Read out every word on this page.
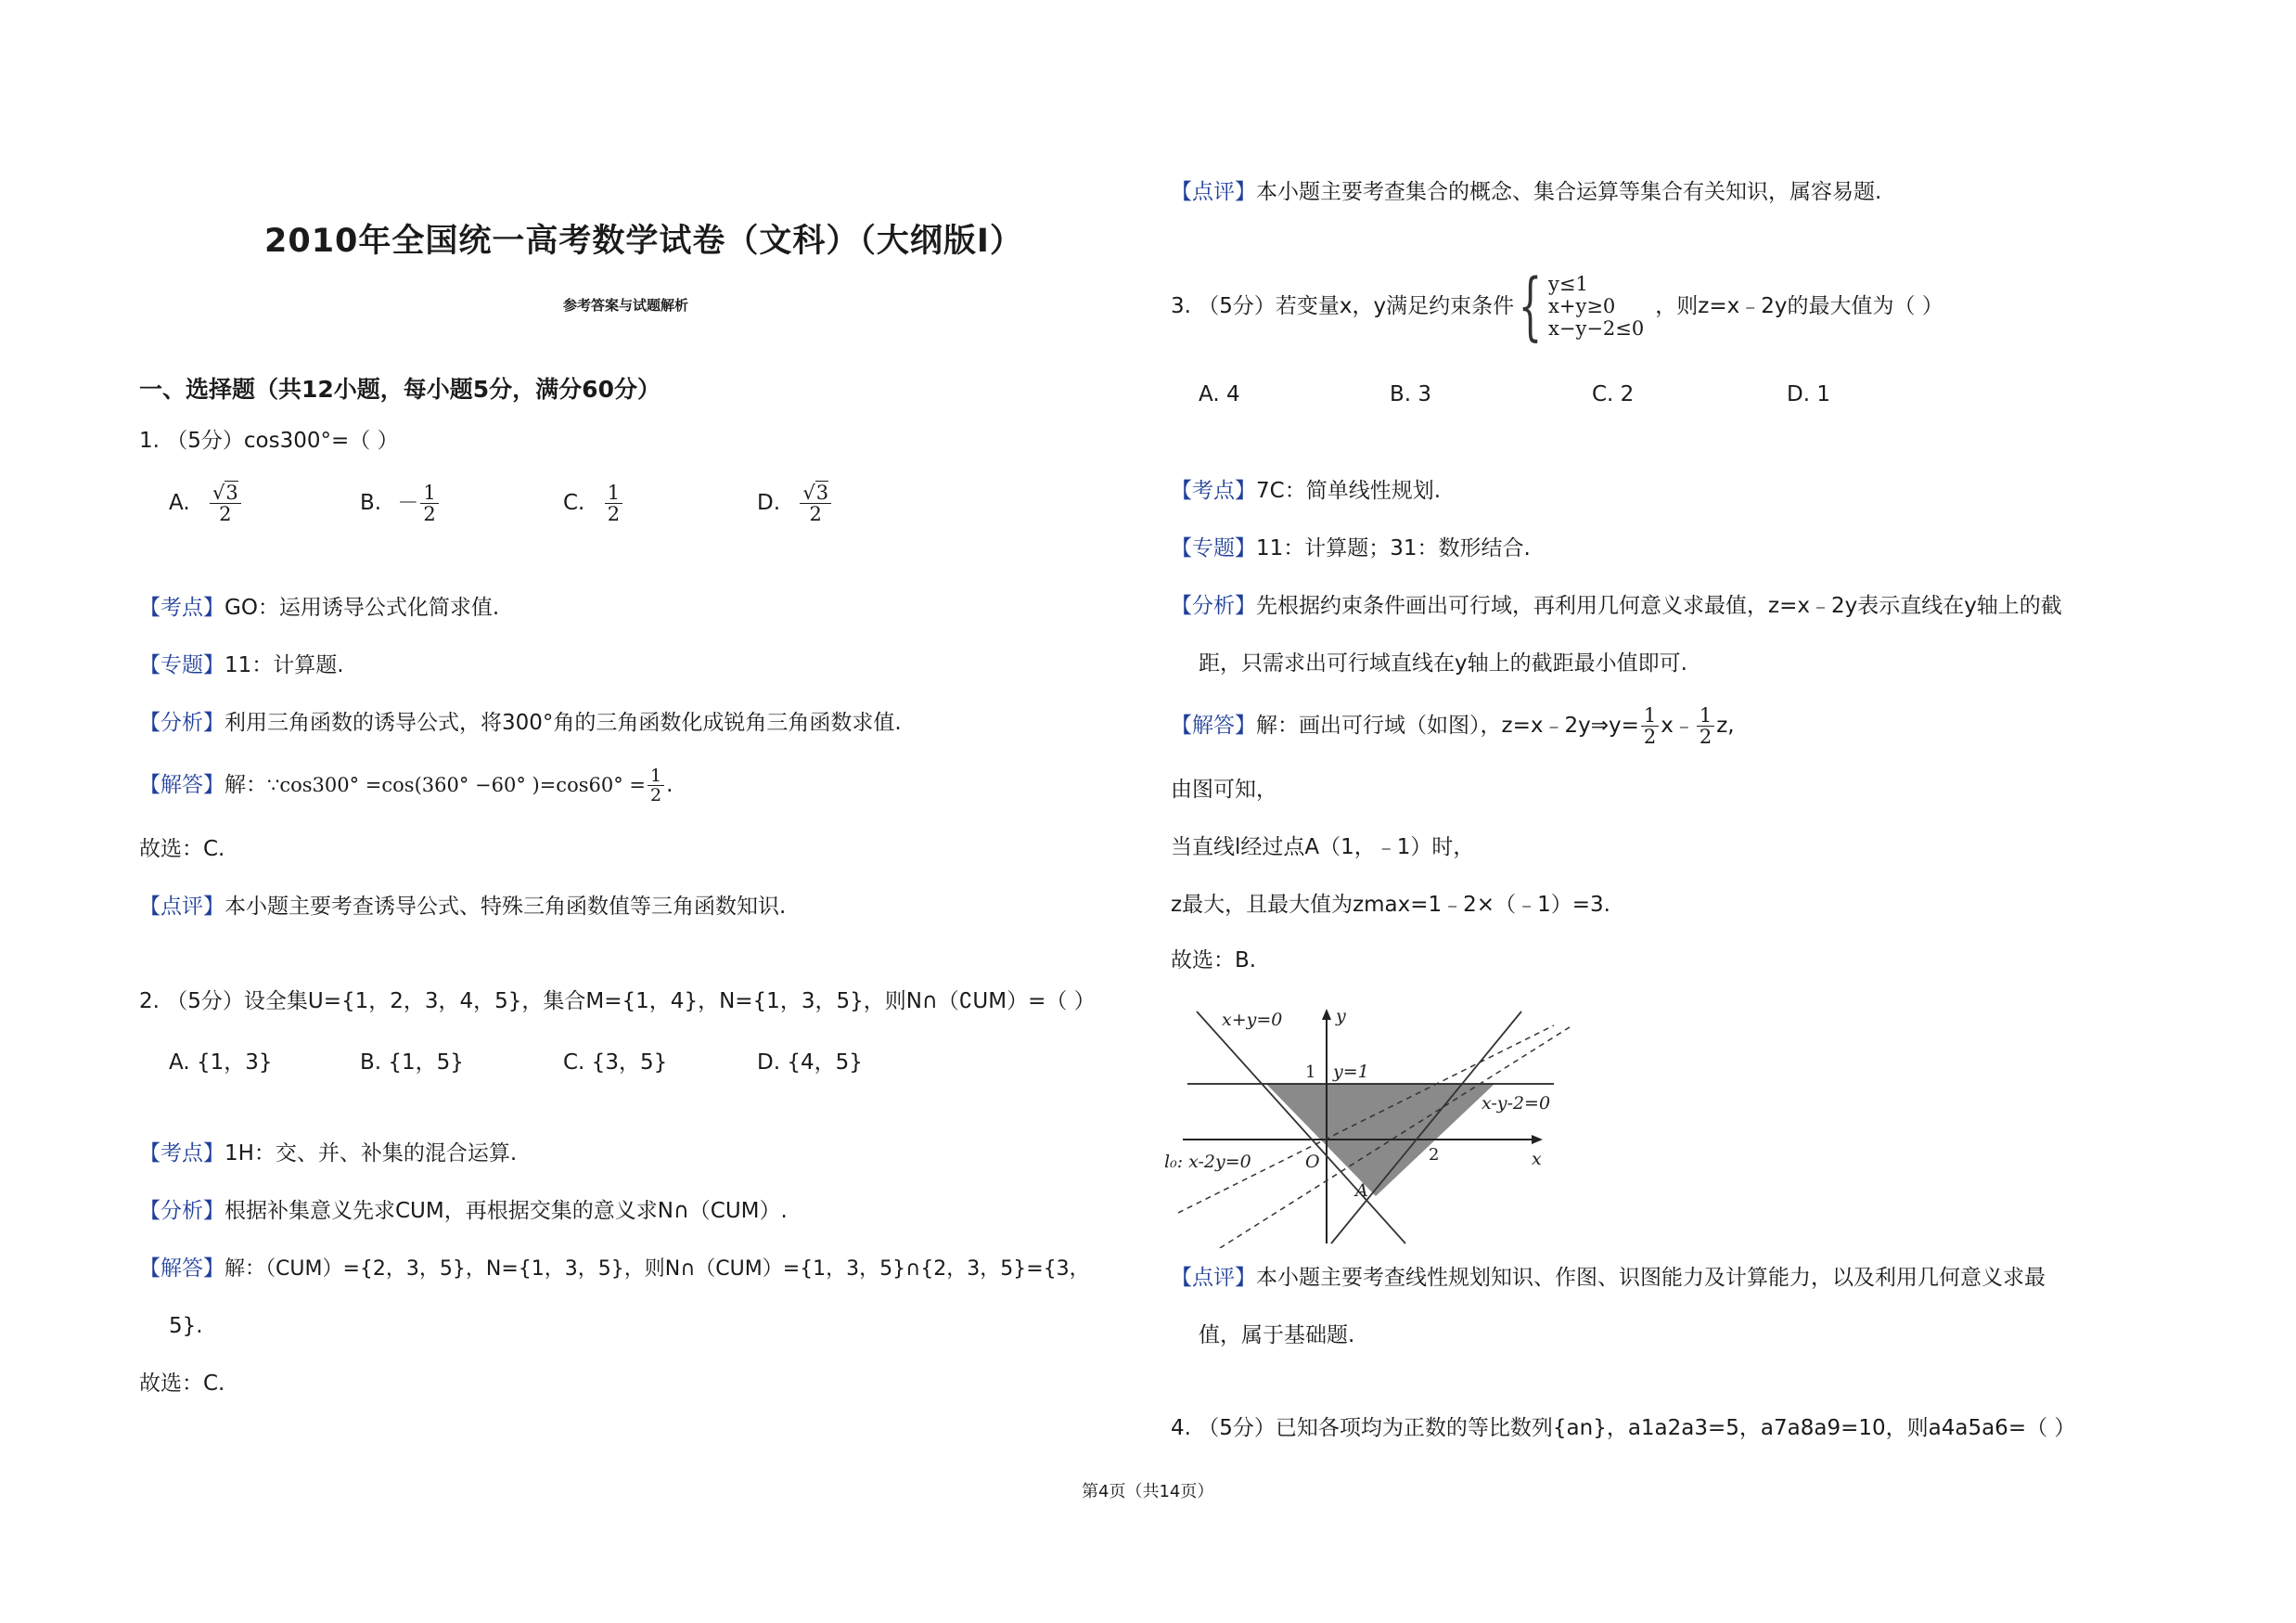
2010年全国统一高考数学试卷（文科）（大纲版Ⅰ）
参考答案与试题解析
一、选择题（共12小题，每小题5分，满分60分）
1. （5分）cos300°=（ ）
A. $\frac{√3}{2}$	B. － $\frac{1}{2}$	C. $\frac{1}{2}$	D. $\frac{√3}{2}$
【考点】GO：运用诱导公式化简求值.
【专题】11：计算题.
【分析】利用三角函数的诱导公式，将300°角的三角函数化成锐角三角函数求值.
【解答】解：∵cos300° =cos(360° −60° )$=\cos 60^\circ = \frac{1}{2}$ .
故选：C.
【点评】本小题主要考查诱导公式、特殊三角函数值等三角函数知识.
2. （5分）设全集U={1，2，3，4，5}，集合M={1，4}，N={1，3，5}，则N∩（∁UM）=（ ）
A. {1，3}	B. {1，5}	C. {3，5}	D. {4，5}
【考点】1H：交、并、补集的混合运算.
【分析】根据补集意义先求CUM，再根据交集的意义求N∩（CUM）.
【解答】解：（CUM）={2，3，5}，N={1，3，5}，则N∩（CUM）={1，3，5}∩{2，3，5}={3，
5}.
故选：C.
【点评】本小题主要考查集合的概念、集合运算等集合有关知识，属容易题.
3. （5分）若变量x，y满足约束条件 { y≤1
x+y≥0
x−y−2≤0
，则z=x﹣2y的最大值为（ ）
A. 4	B. 3	C. 2	D. 1
【考点】7C：简单线性规划.
【专题】11：计算题；31：数形结合.
【分析】先根据约束条件画出可行域，再利用几何意义求最值，z=x﹣2y表示直线在y轴上的截
距，只需求出可行域直线在y轴上的截距最小值即可.
【解答】解：画出可行域（如图），z=x﹣2y⇒y= $\frac{1}{2}$ x﹣ $\frac{1}{2} z$,
由图可知，
当直线l经过点A（1，﹣1）时，
z最大，且最大值为zmax=1﹣2×（﹣1）=3.
故选：B.
x+y=0	y
1 y=1
x-y-2=0
x
l₀: x-2y=0	O	2
A
【点评】本小题主要考查线性规划知识、作图、识图能力及计算能力，以及利用几何意义求最
值，属于基础题.
4. （5分）已知各项均为正数的等比数列{an}，a1a2a3=5，a7a8a9=10，则a4a5a6=（ ）
第4页（共14页）
